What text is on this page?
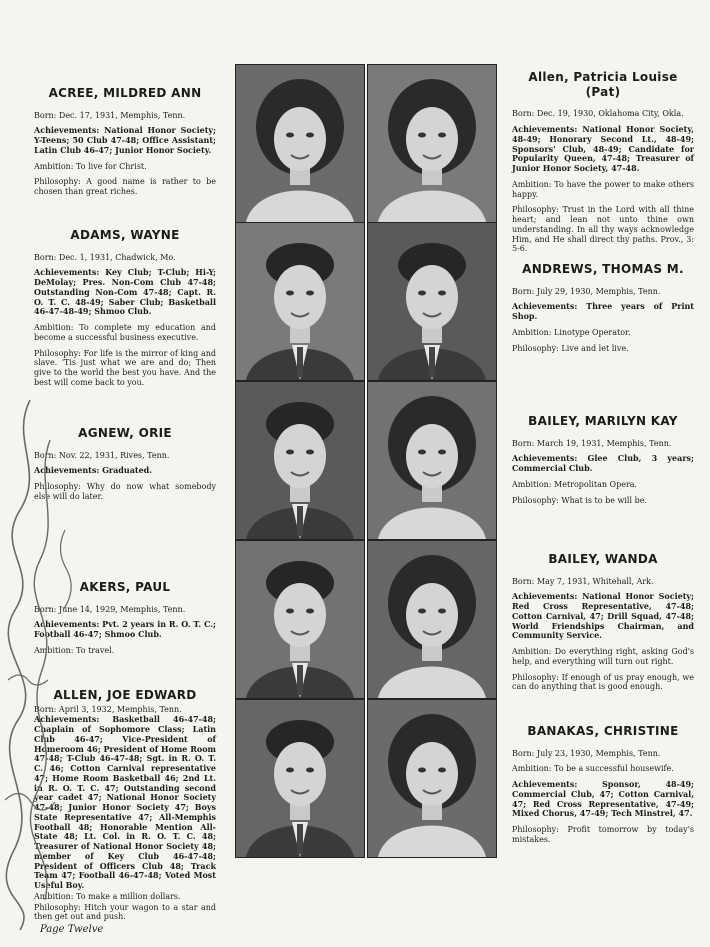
ACREE, MILDRED ANN

Born: Dec. 17, 1931, Memphis, Tenn.

Achievements: National Honor Society; Y-Teens; 50 Club 47-48; Office Assistant; Latin Club 46-47; Junior Honor Society.

Ambition: To live for Christ.

Philosophy: A good name is rather to be chosen than great riches.

ADAMS, WAYNE

Born: Dec. 1, 1931, Chadwick, Mo.

Achievements: Key Club; T-Club; Hi-Y; DeMolay; Pres. Non-Com Club 47-48; Outstanding Non-Com 47-48; Capt. R. O. T. C. 48-49; Saber Club; Basketball 46-47-48-49; Shmoo Club.

Ambition: To complete my education and become a successful business executive.

Philosophy: For life is the mirror of king and slave. 'Tis just what we are and do; Then give to the world the best you have. And the best will come back to you.

AGNEW, ORIE

Born: Nov. 22, 1931, Rives, Tenn.

Achievements: Graduated.

Philosophy: Why do now what somebody else will do later.

AKERS, PAUL

Born: June 14, 1929, Memphis, Tenn.

Achievements: Pvt. 2 years in R. O. T. C.; Football 46-47; Shmoo Club.

Ambition: To travel.

ALLEN, JOE EDWARD

Born: April 3, 1932, Memphis, Tenn.

Achievements: Basketball 46-47-48; Chaplain of Sophomore Class; Latin Club 46-47; Vice-President of Homeroom 46; President of Home Room 47-48; T-Club 46-47-48; Sgt. in R. O. T. C. 46; Cotton Carnival representative 47; Home Room Basketball 46; 2nd Lt. in R. O. T. C. 47; Outstanding second year cadet 47; National Honor Society 47-48; Junior Honor Society 47; Boys State Representative 47; All-Memphis Football 48; Honorable Mention All-State 48; Lt. Col. in R. O. T. C. 48; Treasurer of National Honor Society 48; member of Key Club 46-47-48; President of Officers Club 48; Track Team 47; Football 46-47-48; Voted Most Useful Boy.

Ambition: To make a million dollars.

Philosophy: Hitch your wagon to a star and then get out and push.

Allen, Patricia Louise (Pat)

Born: Dec. 19, 1930, Oklahoma City, Okla.

Achievements: National Honor Society, 48-49; Honorary Second Lt., 48-49; Sponsors' Club, 48-49; Candidate for Popularity Queen, 47-48; Treasurer of Junior Honor Society, 47-48.

Ambition: To have the power to make others happy.

Philosophy: Trust in the Lord with all thine heart; and lean not unto thine own understanding. In all thy ways acknowledge Him, and He shall direct thy paths. Prov., 3: 5-6.

ANDREWS, THOMAS M.

Born: July 29, 1930, Memphis, Tenn.

Achievements: Three years of Print Shop.

Ambition: Linotype Operator.

Philosophy: Live and let live.

BAILEY, MARILYN KAY

Born: March 19, 1931, Memphis, Tenn.

Achievements: Glee Club, 3 years; Commercial Club.

Ambition: Metropolitan Opera.

Philosophy: What is to be will be.

BAILEY, WANDA

Born: May 7, 1931, Whitehall, Ark.

Achievements: National Honor Society; Red Cross Representative, 47-48; Cotton Carnival, 47; Drill Squad, 47-48; World Friendships Chairman, and Community Service.

Ambition: Do everything right, asking God's help, and everything will turn out right.

Philosophy: If enough of us pray enough, we can do anything that is good enough.

BANAKAS, CHRISTINE

Born: July 23, 1930, Memphis, Tenn.

Ambition: To be a successful housewife.

Achievements: Sponsor, 48-49; Commercial Club, 47; Cotton Carnival, 47; Red Cross Representative, 47-49; Mixed Chorus, 47-49; Tech Minstrel, 47.

Philosophy: Profit tomorrow by today's mistakes.

Page Twelve
